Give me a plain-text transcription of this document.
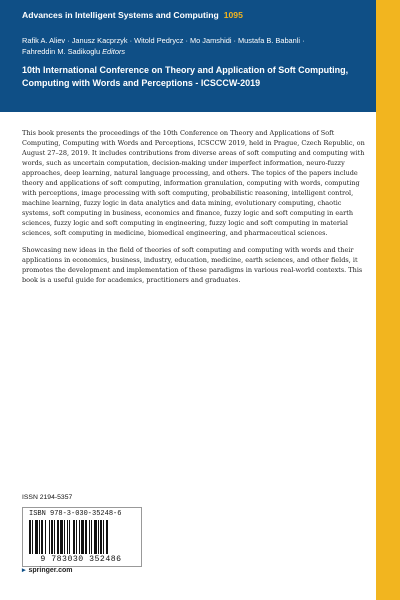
Advances in Intelligent Systems and Computing 1095
Rafik A. Aliev · Janusz Kacprzyk · Witold Pedrycz · Mo Jamshidi · Mustafa B. Babanli ·
Fahreddin M. Sadikoglu Editors
10th International Conference on Theory and Application of Soft Computing, Computing with Words and Perceptions - ICSCCW-2019

This book presents the proceedings of the 10th Conference on Theory and Applications of Soft Computing, Computing with Words and Perceptions, ICSCCW 2019, held in Prague, Czech Republic, on August 27–28, 2019. It includes contributions from diverse areas of soft computing and computing with words, such as uncertain computation, decision-making under imperfect information, neuro-fuzzy approaches, deep learning, natural language processing, and others. The topics of the papers include theory and applications of soft computing, information granulation, computing with words, computing with perceptions, image processing with soft computing, probabilistic reasoning, intelligent control, machine learning, fuzzy logic in data analytics and data mining, evolutionary computing, chaotic systems, soft computing in business, economics and finance, fuzzy logic and soft computing in earth sciences, fuzzy logic and soft computing in engineering, fuzzy logic and soft computing in material sciences, soft computing in medicine, biomedical engineering, and pharmaceutical sciences.

Showcasing new ideas in the field of theories of soft computing and computing with words and their applications in economics, business, industry, education, medicine, earth sciences, and other fields, it promotes the development and implementation of these paradigms in various real-world contexts. This book is a useful guide for academics, practitioners and graduates.

ISSN 2194-5357
ISBN 978-3-030-35248-6
9 783030 352486
▸ springer.com
